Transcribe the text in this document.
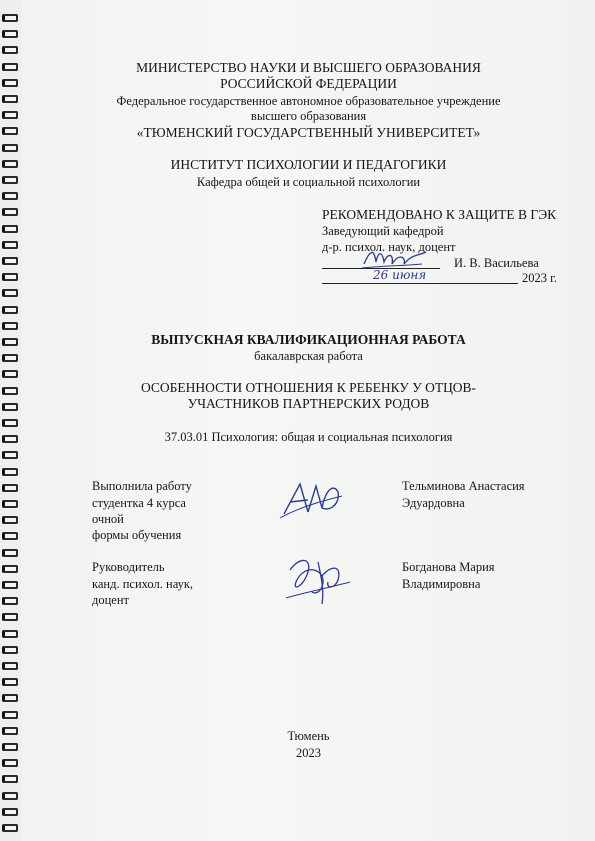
МИНИСТЕРСТВО НАУКИ И ВЫСШЕГО ОБРАЗОВАНИЯ
РОССИЙСКОЙ ФЕДЕРАЦИИ
Федеральное государственное автономное образовательное учреждение
высшего образования
«ТЮМЕНСКИЙ ГОСУДАРСТВЕННЫЙ УНИВЕРСИТЕТ»
ИНСТИТУТ ПСИХОЛОГИИ И ПЕДАГОГИКИ
Кафедра общей и социальной психологии
РЕКОМЕНДОВАНО К ЗАЩИТЕ В ГЭК
Заведующий кафедрой
д-р. психол. наук, доцент
И. В. Васильева
26 июня	2023 г.
ВЫПУСКНАЯ КВАЛИФИКАЦИОННАЯ РАБОТА
бакалаврская работа
ОСОБЕННОСТИ ОТНОШЕНИЯ К РЕБЕНКУ У ОТЦОВ-
УЧАСТНИКОВ ПАРТНЕРСКИХ РОДОВ
37.03.01 Психология: общая и социальная психология
Выполнила работу
студентка 4 курса
очной
формы обучения
Тельминова Анастасия
Эдуардовна
Руководитель
канд. психол. наук,
доцент
Богданова Мария
Владимировна
Тюмень
2023
